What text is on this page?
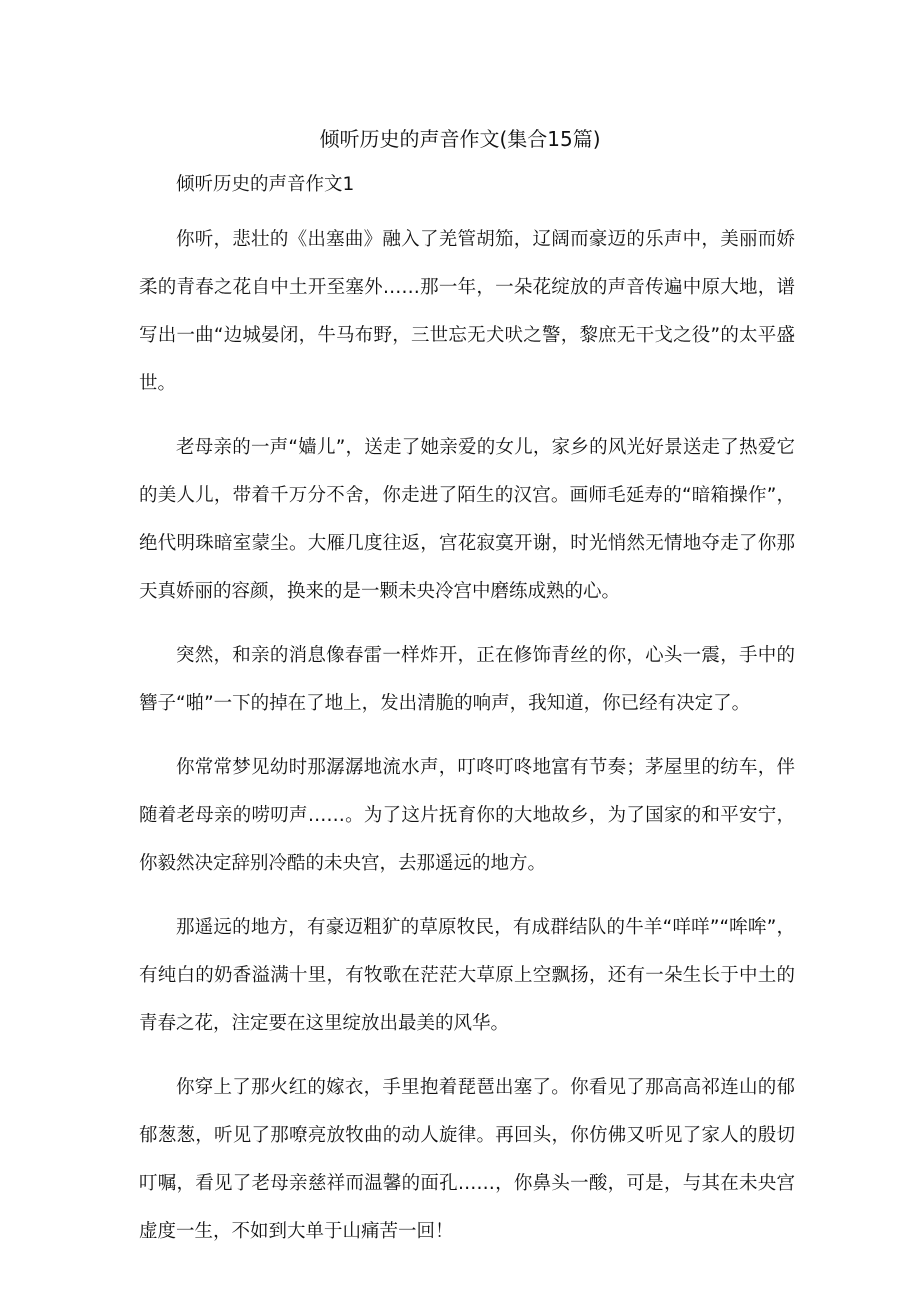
倾听历史的声音作文(集合15篇)
倾听历史的声音作文1

你听，悲壮的《出塞曲》融入了羌管胡笳，辽阔而豪迈的乐声中，美丽而娇柔的青春之花自中土开至塞外……那一年，一朵花绽放的声音传遍中原大地，谱写出一曲“边城晏闭，牛马布野，三世忘无犬吠之警，黎庶无干戈之役”的太平盛世。

老母亲的一声“嫱儿”，送走了她亲爱的女儿，家乡的风光好景送走了热爱它的美人儿，带着千万分不舍，你走进了陌生的汉宫。画师毛延寿的“暗箱操作”，绝代明珠暗室蒙尘。大雁几度往返，宫花寂寞开谢，时光悄然无情地夺走了你那天真娇丽的容颜，换来的是一颗未央冷宫中磨练成熟的心。

突然，和亲的消息像春雷一样炸开，正在修饰青丝的你，心头一震，手中的簪子“啪”一下的掉在了地上，发出清脆的响声，我知道，你已经有决定了。

你常常梦见幼时那潺潺地流水声，叮咚叮咚地富有节奏；茅屋里的纺车，伴随着老母亲的唠叨声……。为了这片抚育你的大地故乡，为了国家的和平安宁，你毅然决定辞别冷酷的未央宫，去那遥远的地方。

那遥远的地方，有豪迈粗犷的草原牧民，有成群结队的牛羊“咩咩”“哞哞”，有纯白的奶香溢满十里，有牧歌在茫茫大草原上空飘扬，还有一朵生长于中土的青春之花，注定要在这里绽放出最美的风华。

你穿上了那火红的嫁衣，手里抱着琵琶出塞了。你看见了那高高祁连山的郁郁葱葱，听见了那嘹亮放牧曲的动人旋律。再回头，你仿佛又听见了家人的殷切叮嘱，看见了老母亲慈祥而温馨的面孔……，你鼻头一酸，可是，与其在未央宫虚度一生，不如到大单于山痛苦一回！
